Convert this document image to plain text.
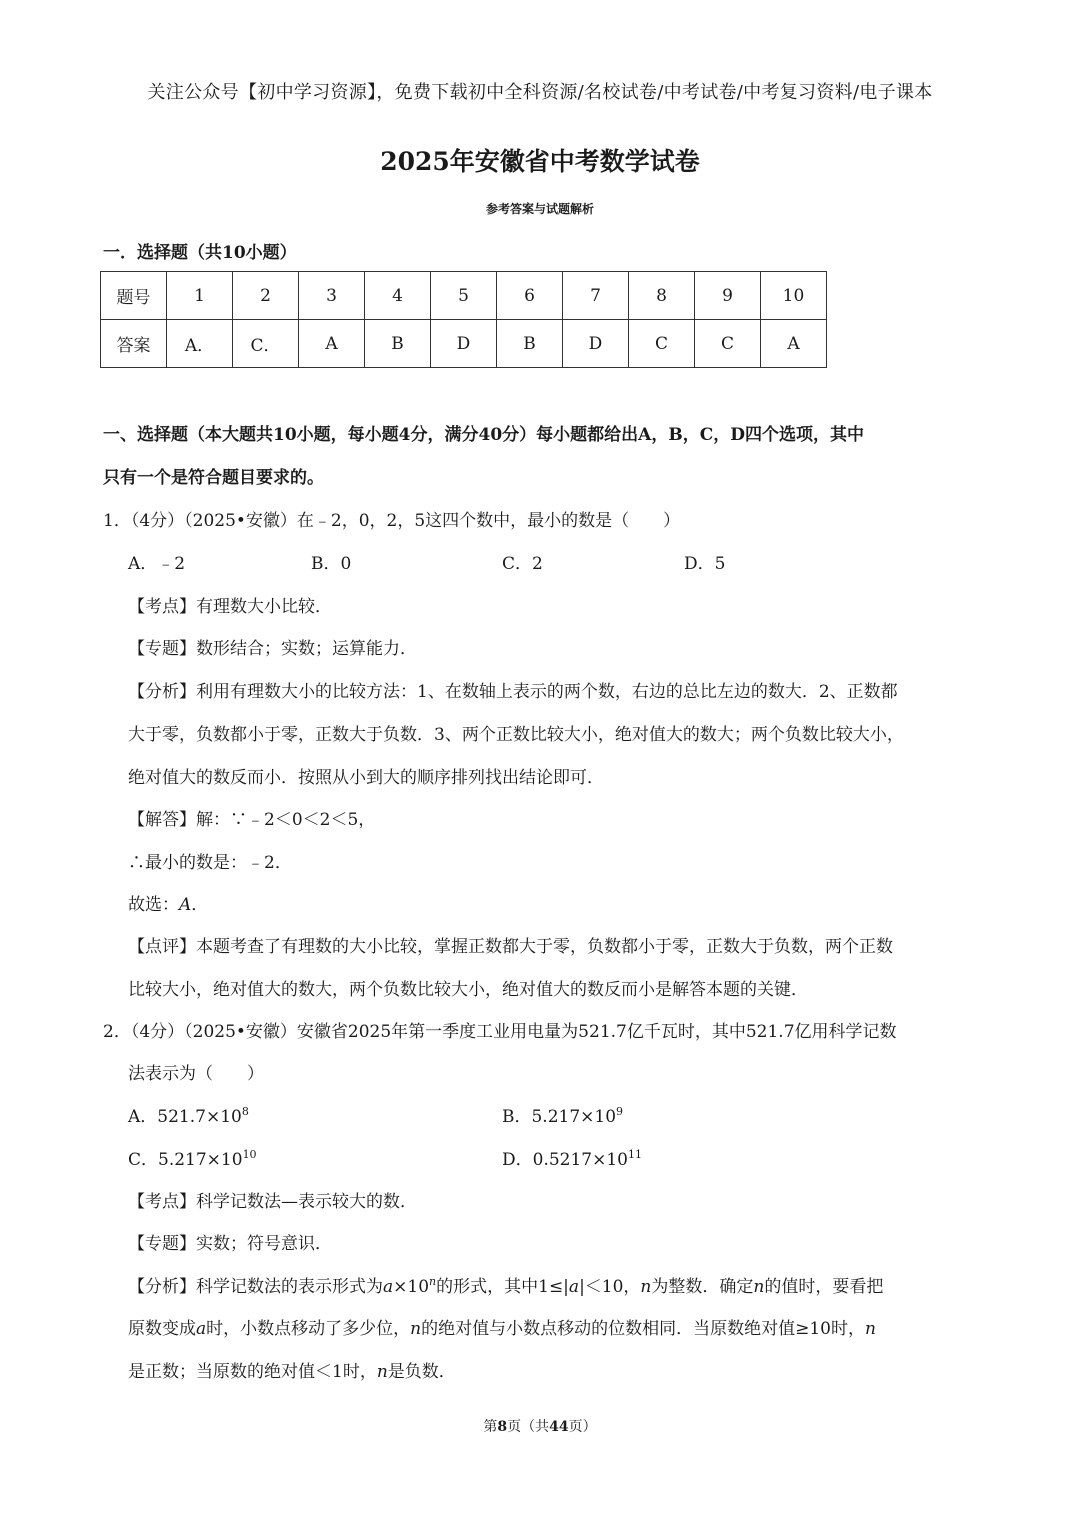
关注公众号【初中学习资源】，免费下载初中全科资源/名校试卷/中考试卷/中考复习资料/电子课本
2025年安徽省中考数学试卷
参考答案与试题解析
一．选择题（共10小题）
题号	1	2	3	4	5	6	7	8	9	10
答案	A．	C．	A	B	D	B	D	C	C	A
一、选择题（本大题共10小题，每小题4分，满分40分）每小题都给出A，B，C，D四个选项，其中
只有一个是符合题目要求的。
1．（4分）（2025•安徽）在﹣2，0，2，5这四个数中，最小的数是（　　）
A．﹣2	B．0	C．2	D．5
【考点】有理数大小比较．
【专题】数形结合；实数；运算能力．
【分析】利用有理数大小的比较方法：1、在数轴上表示的两个数，右边的总比左边的数大．2、正数都
大于零，负数都小于零，正数大于负数．3、两个正数比较大小，绝对值大的数大；两个负数比较大小，
绝对值大的数反而小．按照从小到大的顺序排列找出结论即可．
【解答】解：∵﹣2＜0＜2＜5，
∴最小的数是：﹣2．
故选：A．
【点评】本题考查了有理数的大小比较，掌握正数都大于零，负数都小于零，正数大于负数，两个正数
比较大小，绝对值大的数大，两个负数比较大小，绝对值大的数反而小是解答本题的关键．
2．（4分）（2025•安徽）安徽省2025年第一季度工业用电量为521.7亿千瓦时，其中521.7亿用科学记数
法表示为（　　）
A．$521.7\times 10^8$	B．$5.217\times 10^9$
C．$5.217\times 10^{10}$	D．$0.5217\times 10^{11}$
【考点】科学记数法—表示较大的数．
【专题】实数；符号意识．
【分析】科学记数法的表示形式为$a\times 10^n$的形式，其中1≤|a|＜10，n为整数．确定n的值时，要看把
原数变成a时，小数点移动了多少位，n的绝对值与小数点移动的位数相同．当原数绝对值≥10时，n
是正数；当原数的绝对值＜1时，n是负数．
第8页（共44页）
